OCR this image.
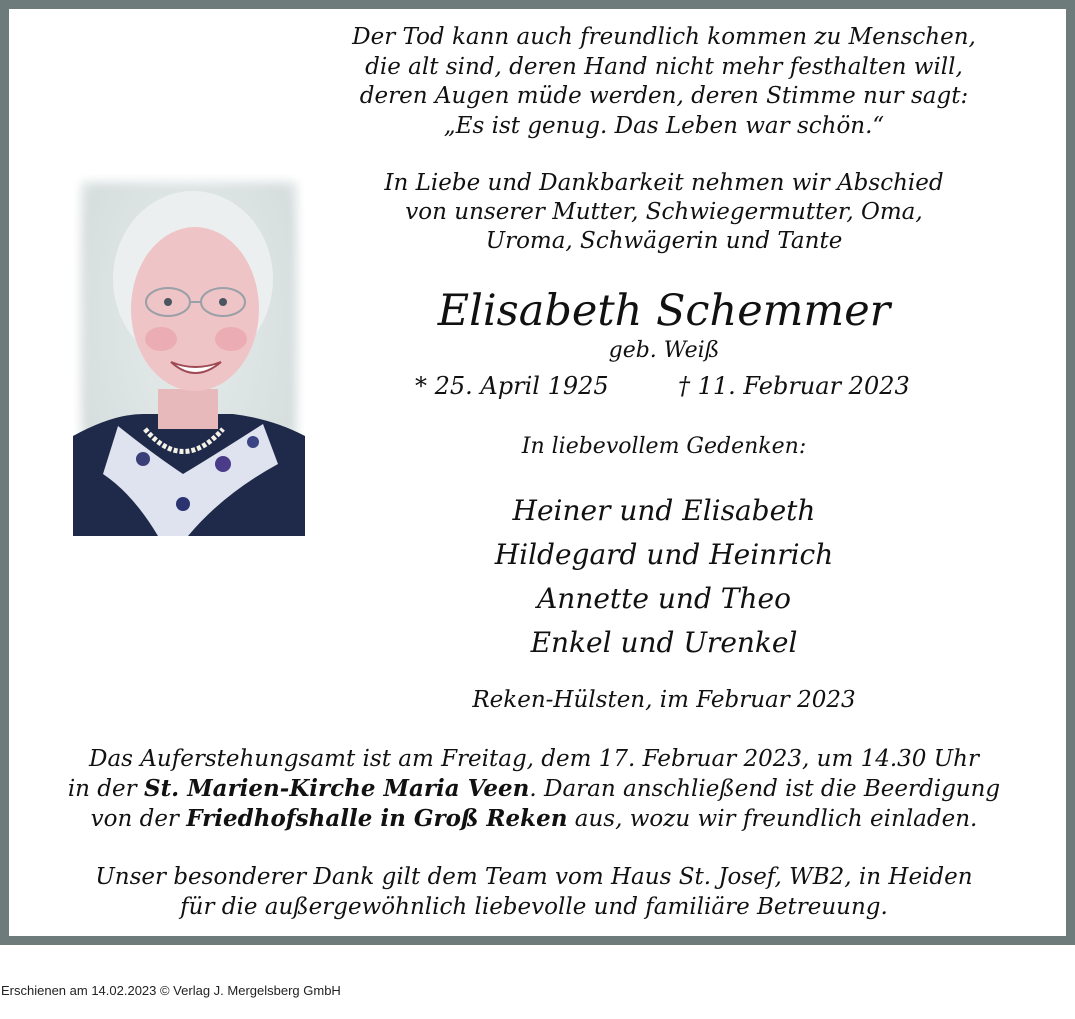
Der Tod kann auch freundlich kommen zu Menschen,
die alt sind, deren Hand nicht mehr festhalten will,
deren Augen müde werden, deren Stimme nur sagt:
„Es ist genug. Das Leben war schön.“
In Liebe und Dankbarkeit nehmen wir Abschied
von unserer Mutter, Schwiegermutter, Oma,
Uroma, Schwägerin und Tante
Elisabeth Schemmer
geb. Weiß
* 25. April 1925	† 11. Februar 2023
In liebevollem Gedenken:
Heiner und Elisabeth
Hildegard und Heinrich
Annette und Theo
Enkel und Urenkel
Reken-Hülsten, im Februar 2023
Das Auferstehungsamt ist am Freitag, dem 17. Februar 2023, um 14.30 Uhr
in der St. Marien-Kirche Maria Veen. Daran anschließend ist die Beerdigung
von der Friedhofshalle in Groß Reken aus, wozu wir freundlich einladen.
Unser besonderer Dank gilt dem Team vom Haus St. Josef, WB2, in Heiden
für die außergewöhnlich liebevolle und familiäre Betreuung.
Erschienen am 14.02.2023 © Verlag J. Mergelsberg GmbH
